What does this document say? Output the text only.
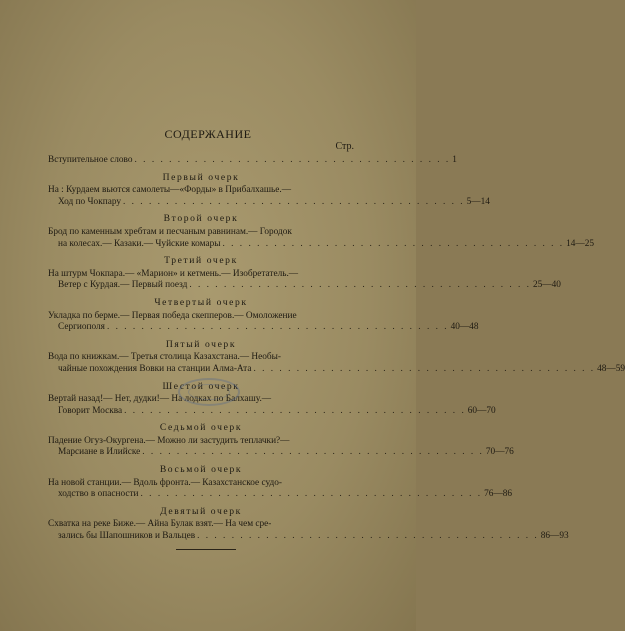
СОДЕРЖАНИЕ
Стр.
Вступительное слово . . . . . . . . . . . . . . . . . . . . . . . . . . . . . . . . . . . . . 1
Первый очерк
На : Курдаем вьются самолеты—«Форды» в Прибалхашье.—
Ход по Чокпару . . . . . . . . . . . . . . . . . . . . . . . . . . . . . . . . . . . . . . . . 5—14
Второй очерк
Брод по каменным хребтам и песчаным равнинам.— Городок
на колесах.— Казаки.— Чуйские комары . . . . . . . . . . . . . . . . . . . . . . . . . . . . . . . . . . . . . . . . 14—25
Третий очерк
На штурм Чокпара.— «Марион» и кетмень.— Изобретатель.—
Ветер с Курдая.— Первый поезд . . . . . . . . . . . . . . . . . . . . . . . . . . . . . . . . . . . . . . . . 25—40
Четвертый очерк
Укладка по берме.— Первая победа скепперов.— Омоложение
Сергиополя . . . . . . . . . . . . . . . . . . . . . . . . . . . . . . . . . . . . . . . . 40—48
Пятый очерк
Вода по книжкам.— Третья столица Казахстана.— Необы-
чайные похождения Вовки на станции Алма-Ата . . . . . . . . . . . . . . . . . . . . . . . . . . . . . . . . . . . . . . . . 48—59
Шестой очерк
Вертай назад!— Нет, дудки!— На лодках по Балхашу.—
Говорит Москва . . . . . . . . . . . . . . . . . . . . . . . . . . . . . . . . . . . . . . . . 60—70
Седьмой очерк
Падение Огуз-Окургена.— Можно ли застудить теплачки?—
Марсиане в Илийске . . . . . . . . . . . . . . . . . . . . . . . . . . . . . . . . . . . . . . . . 70—76
Восьмой очерк
На новой станции.— Вдоль фронта.— Казахстанское судо-
ходство в опасности . . . . . . . . . . . . . . . . . . . . . . . . . . . . . . . . . . . . . . . . 76—86
Девятый очерк
Схватка на реке Биже.— Айна Булак взят.— На чем сре-
зались бы Шапошников и Вальцев . . . . . . . . . . . . . . . . . . . . . . . . . . . . . . . . . . . . . . . . 86—93
